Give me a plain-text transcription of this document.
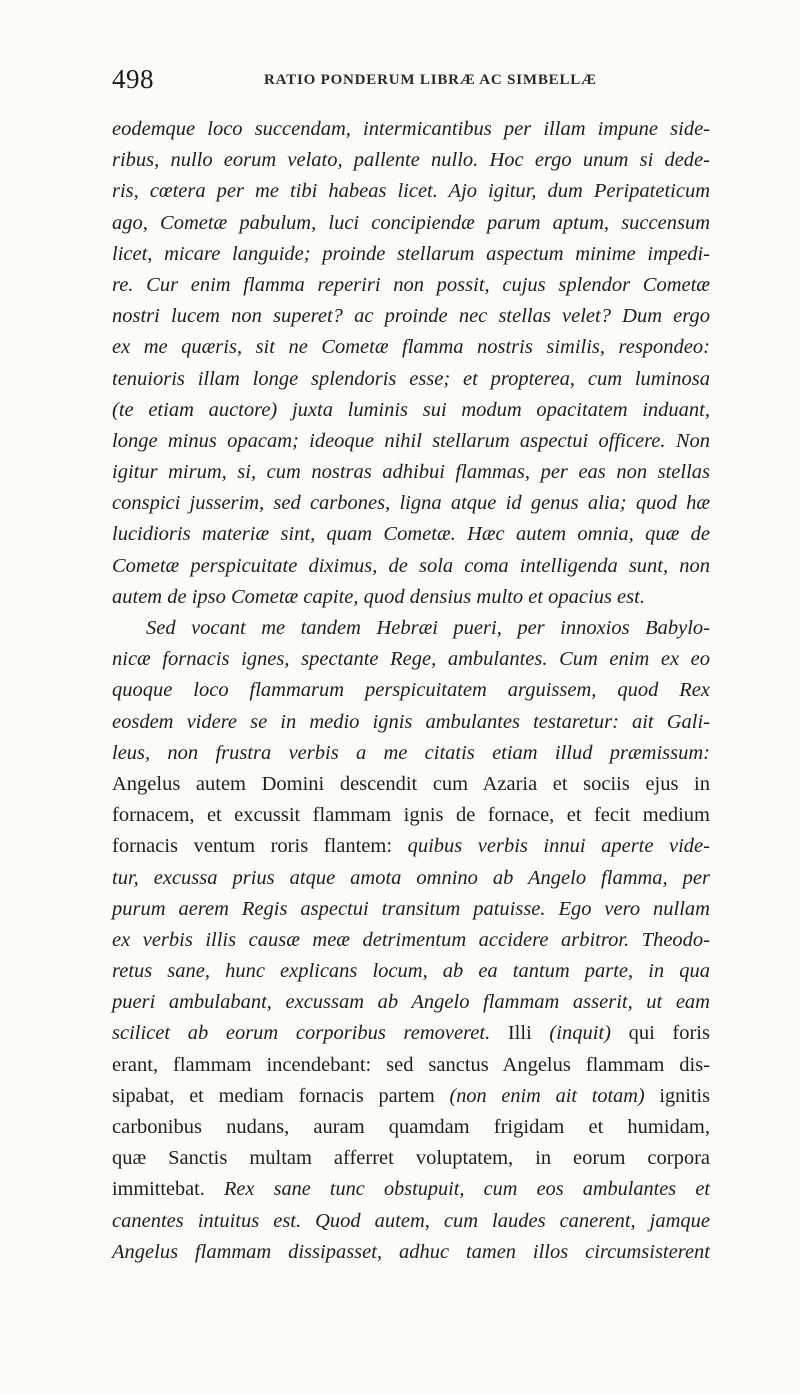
498	RATIO PONDERUM LIBRÆ AC SIMBELLÆ
eodemque loco succendam, intermicantibus per illam impune side-
ribus, nullo eorum velato, pallente nullo. Hoc ergo unum si dede-
ris, cœtera per me tibi habeas licet. Ajo igitur, dum Peripateticum
ago, Cometæ pabulum, luci concipiendæ parum aptum, succensum
licet, micare languide; proinde stellarum aspectum minime impedi-
re. Cur enim flamma reperiri non possit, cujus splendor Cometæ
nostri lucem non superet? ac proinde nec stellas velet? Dum ergo
ex me quæris, sit ne Cometæ flamma nostris similis, respondeo:
tenuioris illam longe splendoris esse; et propterea, cum luminosa
(te etiam auctore) juxta luminis sui modum opacitatem induant,
longe minus opacam; ideoque nihil stellarum aspectui officere. Non
igitur mirum, si, cum nostras adhibui flammas, per eas non stellas
conspici jusserim, sed carbones, ligna atque id genus alia; quod hæ
lucidioris materiæ sint, quam Cometæ. Hæc autem omnia, quæ de
Cometæ perspicuitate diximus, de sola coma intelligenda sunt, non
autem de ipso Cometæ capite, quod densius multo et opacius est.
Sed vocant me tandem Hebræi pueri, per innoxios Babylo-
nicæ fornacis ignes, spectante Rege, ambulantes. Cum enim ex eo
quoque loco flammarum perspicuitatem arguissem, quod Rex
eosdem videre se in medio ignis ambulantes testaretur: ait Gali-
leus, non frustra verbis a me citatis etiam illud præmissum:
Angelus autem Domini descendit cum Azaria et sociis ejus in
fornacem, et excussit flammam ignis de fornace, et fecit medium
fornacis ventum roris flantem: quibus verbis innui aperte vide-
tur, excussa prius atque amota omnino ab Angelo flamma, per
purum aerem Regis aspectui transitum patuisse. Ego vero nullam
ex verbis illis causæ meæ detrimentum accidere arbitror. Theodo-
retus sane, hunc explicans locum, ab ea tantum parte, in qua
pueri ambulabant, excussam ab Angelo flammam asserit, ut eam
scilicet ab eorum corporibus removeret. Illi (inquit) qui foris
erant, flammam incendebant: sed sanctus Angelus flammam dis-
sipabat, et mediam fornacis partem (non enim ait totam) ignitis
carbonibus nudans, auram quamdam frigidam et humidam,
quæ Sanctis multam afferret voluptatem, in eorum corpora
immittebat. Rex sane tunc obstupuit, cum eos ambulantes et
canentes intuitus est. Quod autem, cum laudes canerent, jamque
Angelus flammam dissipasset, adhuc tamen illos circumsisterent
